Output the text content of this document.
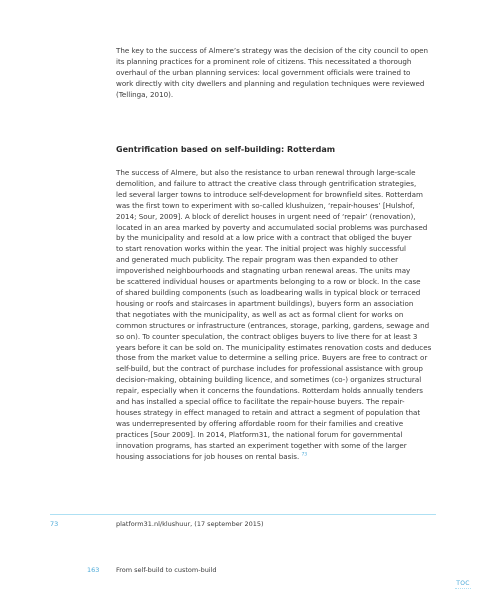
The key to the success of Almere’s strategy was the decision of the city council to open
its planning practices for a prominent role of citizens. This necessitated a thorough
overhaul of the urban planning services: local government officials were trained to
work directly with city dwellers and planning and regulation techniques were reviewed
(Tellinga, 2010).
Gentrification based on self-building: Rotterdam
The success of Almere, but also the resistance to urban renewal through large-scale
demolition, and failure to attract the creative class through gentrification strategies,
led several larger towns to introduce self-development for brownfield sites. Rotterdam
was the first town to experiment with so-called klushuizen, ‘repair-houses’ [Hulshof,
2014; Sour, 2009]. A block of derelict houses in urgent need of ‘repair’ (renovation),
located in an area marked by poverty and accumulated social problems was purchased
by the municipality and resold at a low price with a contract that obliged the buyer
to start renovation works within the year. The initial project was highly successful
and generated much publicity. The repair program was then expanded to other
impoverished neighbourhoods and stagnating urban renewal areas. The units may
be scattered individual houses or apartments belonging to a row or block. In the case
of shared building components (such as loadbearing walls in typical block or terraced
housing or roofs and staircases in apartment buildings), buyers form an association
that negotiates with the municipality, as well as act as formal client for works on
common structures or infrastructure (entrances, storage, parking, gardens, sewage and
so on). To counter speculation, the contract obliges buyers to live there for at least 3
years before it can be sold on. The municipality estimates renovation costs and deduces
those from the market value to determine a selling price. Buyers are free to contract or
self-build, but the contract of purchase includes for professional assistance with group
decision-making, obtaining building licence, and sometimes (co-) organizes structural
repair, especially when it concerns the foundations. Rotterdam holds annually tenders
and has installed a special office to facilitate the repair-house buyers. The repair-
houses strategy in effect managed to retain and attract a segment of population that
was underrepresented by offering affordable room for their families and creative
practices [Sour 2009]. In 2014, Platform31, the national forum for governmental
innovation programs, has started an experiment together with some of the larger
housing associations for job houses on rental basis. $^{73}$
73	platform31.nl/klushuur, (17 september 2015)
163	From self-build to custom-build
TOC
